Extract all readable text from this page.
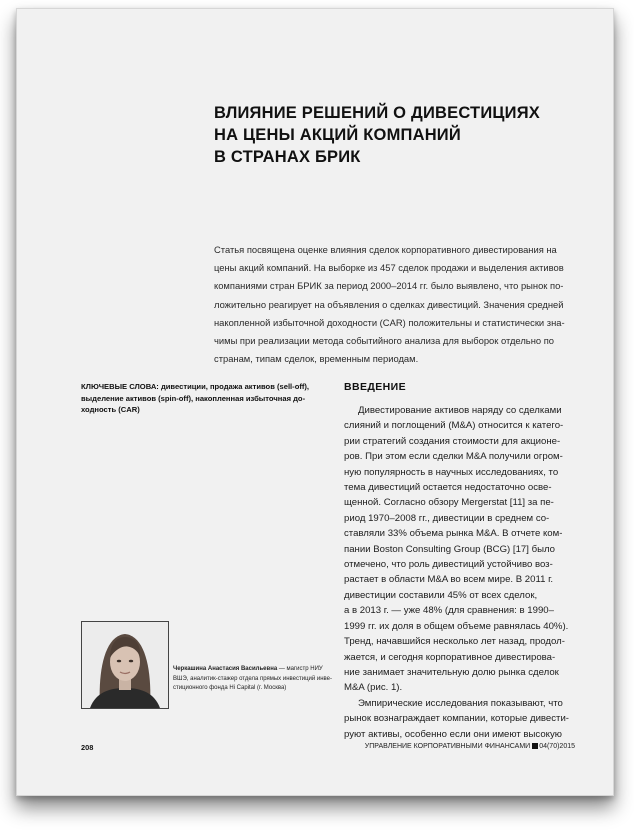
ВЛИЯНИЕ РЕШЕНИЙ О ДИВЕСТИЦИЯХ
НА ЦЕНЫ АКЦИЙ КОМПАНИЙ
В СТРАНАХ БРИК
Статья посвящена оценке влияния сделок корпоративного дивестирования на
цены акций компаний. На выборке из 457 сделок продажи и выделения активов
компаниями стран БРИК за период 2000–2014 гг. было выявлено, что рынок по-
ложительно реагирует на объявления о сделках дивестиций. Значения средней
накопленной избыточной доходности (CAR) положительны и статистически зна-
чимы при реализации метода событийного анализа для выборок отдельно по
странам, типам сделок, временным периодам.
КЛЮЧЕВЫЕ СЛОВА: дивестиции, продажа активов (sell-off),
выделение активов (spin-off), накопленная избыточная до-
ходность (CAR)
Черкашина Анастасия Васильевна — магистр НИУ
ВШЭ, аналитик-стажер отдела прямых инвестиций инве-
стиционного фонда Hi Capital (г. Москва)
ВВЕДЕНИЕ
Дивестирование активов наряду со сделками
слияний и поглощений (M&A) относится к катего-
рии стратегий создания стоимости для акционе-
ров. При этом если сделки M&A получили огром-
ную популярность в научных исследованиях, то
тема дивестиций остается недостаточно осве-
щенной. Согласно обзору Mergerstat [11] за пе-
риод 1970–2008 гг., дивестиции в среднем со-
ставляли 33% объема рынка M&A. В отчете ком-
пании Boston Consulting Group (BCG) [17] было
отмечено, что роль дивестиций устойчиво воз-
растает в области M&A во всем мире. В 2011 г.
дивестиции составили 45% от всех сделок,
а в 2013 г. — уже 48% (для сравнения: в 1990–
1999 гг. их доля в общем объеме равнялась 40%).
Тренд, начавшийся несколько лет назад, продол-
жается, и сегодня корпоративное дивестирова-
ние занимает значительную долю рынка сделок
M&A (рис. 1).
Эмпирические исследования показывают, что
рынок вознаграждает компании, которые дивести-
руют активы, особенно если они имеют высокую
208	УПРАВЛЕНИЕ КОРПОРАТИВНЫМИ ФИНАНСАМИ 04(70)2015
